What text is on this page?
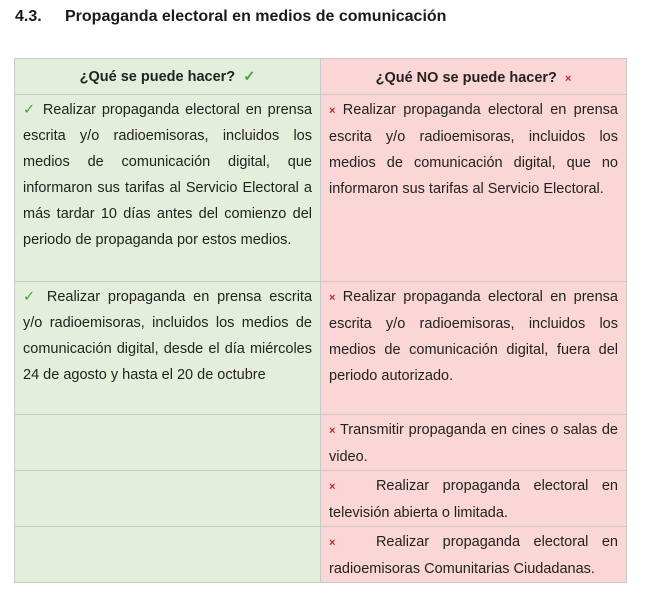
4.3. Propaganda electoral en medios de comunicación
¿Qué se puede hacer? ✓	¿Qué NO se puede hacer? ×
✓ Realizar propaganda electoral en prensa escrita y/o radioemisoras, incluidos los medios de comunicación digital, que informaron sus tarifas al Servicio Electoral a más tardar 10 días antes del comienzo del periodo de propaganda por estos medios.	× Realizar propaganda electoral en prensa escrita y/o radioemisoras, incluidos los medios de comunicación digital, que no informaron sus tarifas al Servicio Electoral.
✓ Realizar propaganda en prensa escrita y/o radioemisoras, incluidos los medios de comunicación digital, desde el día miércoles 24 de agosto y hasta el 20 de octubre	× Realizar propaganda electoral en prensa escrita y/o radioemisoras, incluidos los medios de comunicación digital, fuera del periodo autorizado.
	× Transmitir propaganda en cines o salas de video.
	× Realizar propaganda electoral en televisión abierta o limitada.
	× Realizar propaganda electoral en radioemisoras Comunitarias Ciudadanas.
